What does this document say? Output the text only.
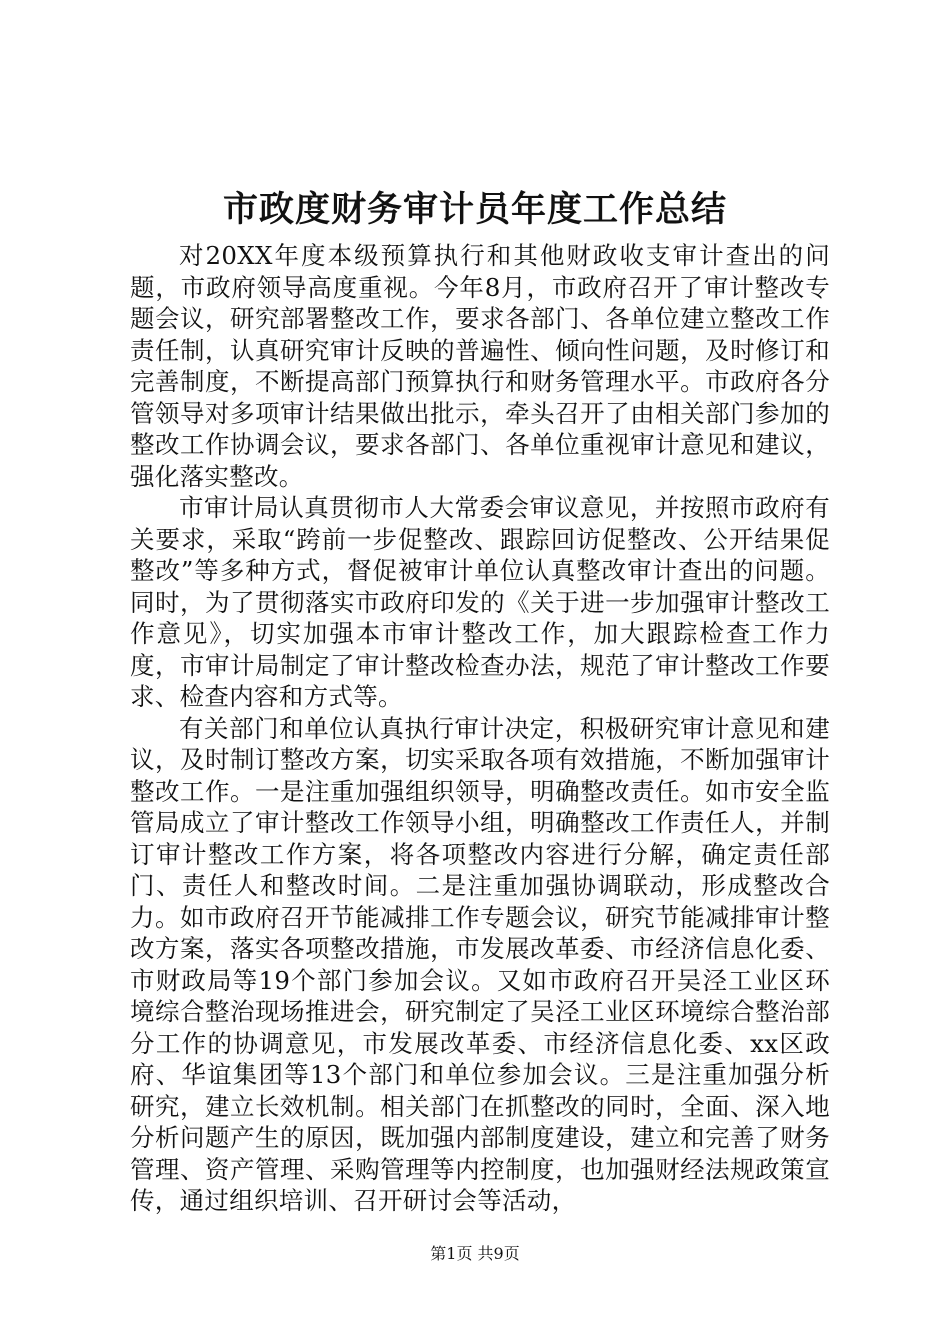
市政度财务审计员年度工作总结

对20XX年度本级预算执行和其他财政收支审计查出的问题，市政府领导高度重视。今年8月，市政府召开了审计整改专题会议，研究部署整改工作，要求各部门、各单位建立整改工作责任制，认真研究审计反映的普遍性、倾向性问题，及时修订和完善制度，不断提高部门预算执行和财务管理水平。市政府各分管领导对多项审计结果做出批示，牵头召开了由相关部门参加的整改工作协调会议，要求各部门、各单位重视审计意见和建议，强化落实整改。

市审计局认真贯彻市人大常委会审议意见，并按照市政府有关要求，采取“跨前一步促整改、跟踪回访促整改、公开结果促整改”等多种方式，督促被审计单位认真整改审计查出的问题。同时，为了贯彻落实市政府印发的《关于进一步加强审计整改工作意见》，切实加强本市审计整改工作，加大跟踪检查工作力度，市审计局制定了审计整改检查办法，规范了审计整改工作要求、检查内容和方式等。

有关部门和单位认真执行审计决定，积极研究审计意见和建议，及时制订整改方案，切实采取各项有效措施，不断加强审计整改工作。一是注重加强组织领导，明确整改责任。如市安全监管局成立了审计整改工作领导小组，明确整改工作责任人，并制订审计整改工作方案，将各项整改内容进行分解，确定责任部门、责任人和整改时间。二是注重加强协调联动，形成整改合力。如市政府召开节能减排工作专题会议，研究节能减排审计整改方案，落实各项整改措施，市发展改革委、市经济信息化委、市财政局等19个部门参加会议。又如市政府召开吴泾工业区环境综合整治现场推进会，研究制定了吴泾工业区环境综合整治部分工作的协调意见，市发展改革委、市经济信息化委、xx区政府、华谊集团等13个部门和单位参加会议。三是注重加强分析研究，建立长效机制。相关部门在抓整改的同时，全面、深入地分析问题产生的原因，既加强内部制度建设，建立和完善了财务管理、资产管理、采购管理等内控制度，也加强财经法规政策宣传，通过组织培训、召开研讨会等活动，

第1页 共9页
